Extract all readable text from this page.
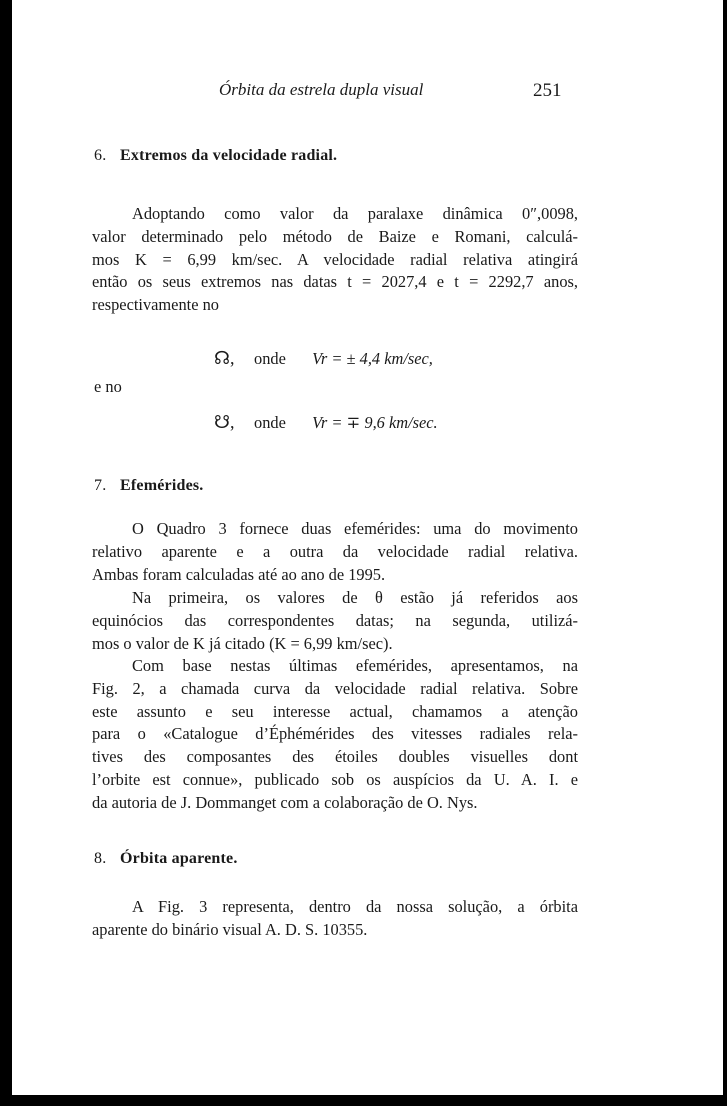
Órbita da estrela dupla visual	251
6. Extremos da velocidade radial.
Adoptando como valor da paralaxe dinâmica 0″,0098,
valor determinado pelo método de Baize e Romani, calculá-
mos K = 6,99 km/sec. A velocidade radial relativa atingirá
então os seus extremos nas datas t = 2027,4 e t = 2292,7 anos,
respectivamente no
☊, onde Vr = ± 4,4 km/sec,
e no
☋, onde Vr = ∓ 9,6 km/sec.
7. Efemérides.
O Quadro 3 fornece duas efemérides: uma do movimento
relativo aparente e a outra da velocidade radial relativa.
Ambas foram calculadas até ao ano de 1995.
Na primeira, os valores de θ estão já referidos aos
equinócios das correspondentes datas; na segunda, utilizá-
mos o valor de K já citado (K = 6,99 km/sec).
Com base nestas últimas efemérides, apresentamos, na
Fig. 2, a chamada curva da velocidade radial relativa. Sobre
este assunto e seu interesse actual, chamamos a atenção
para o «Catalogue d’Éphémérides des vitesses radiales rela-
tives des composantes des étoiles doubles visuelles dont
l’orbite est connue», publicado sob os auspícios da U. A. I. e
da autoria de J. Dommanget com a colaboração de O. Nys.
8. Órbita aparente.
A Fig. 3 representa, dentro da nossa solução, a órbita
aparente do binário visual A. D. S. 10355.
